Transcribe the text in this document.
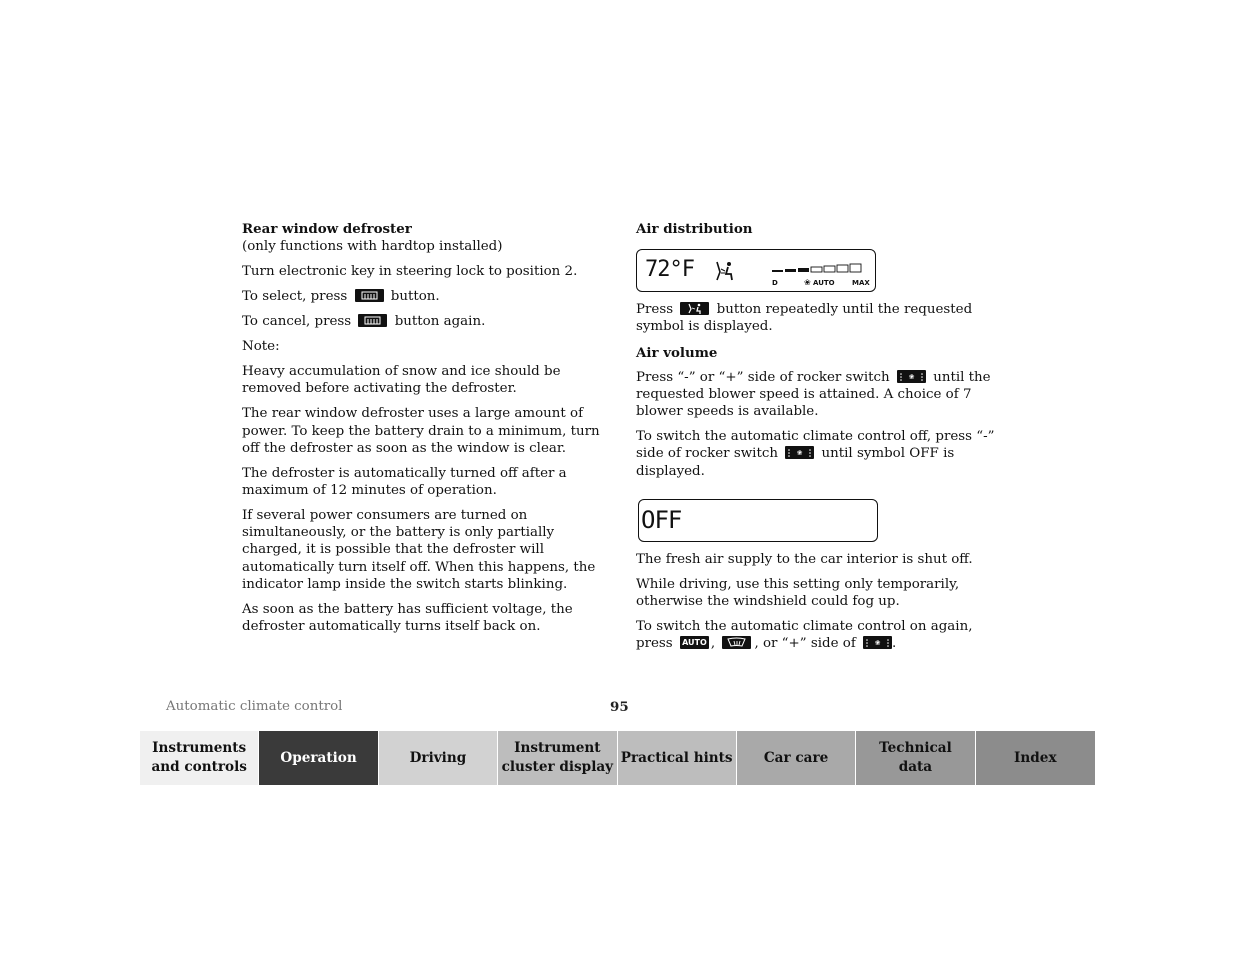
Rear window defroster

(only functions with hardtop installed)

Turn electronic key in steering lock to position 2.

To select, press	button.

To cancel, press	button again.

Note:

Heavy accumulation of snow and ice should be removed before activating the defroster.

The rear window defroster uses a large amount of power. To keep the battery drain to a minimum, turn off the defroster as soon as the window is clear.

The defroster is automatically turned off after a maximum of 12 minutes of operation.

If several power consumers are turned on simultaneously, or the battery is only partially charged, it is possible that the defroster will automatically turn itself off. When this happens, the indicator lamp inside the switch starts blinking.

As soon as the battery has sufficient voltage, the defroster automatically turns itself back on.

Air distribution
72°F
D	❀ AUTO MAX

Press	button repeatedly until the requested symbol is displayed.

Air volume

Press “-” or “+” side of rocker switch	❀ until the requested blower speed is attained. A choice of 7 blower speeds is available.

To switch the automatic climate control off, press “-” side of rocker switch	❀ until symbol OFF is displayed.

OFF

The fresh air supply to the car interior is shut off.

While driving, use this setting only temporarily, otherwise the windshield could fog up.

To switch the automatic climate control on again, press AUTO ,	, or “+” side of	❀ .

Automatic climate control	95
Instruments
and controls
Operation	Driving
Instrument
cluster display
Practical hints Car care
Technical
data
Index
